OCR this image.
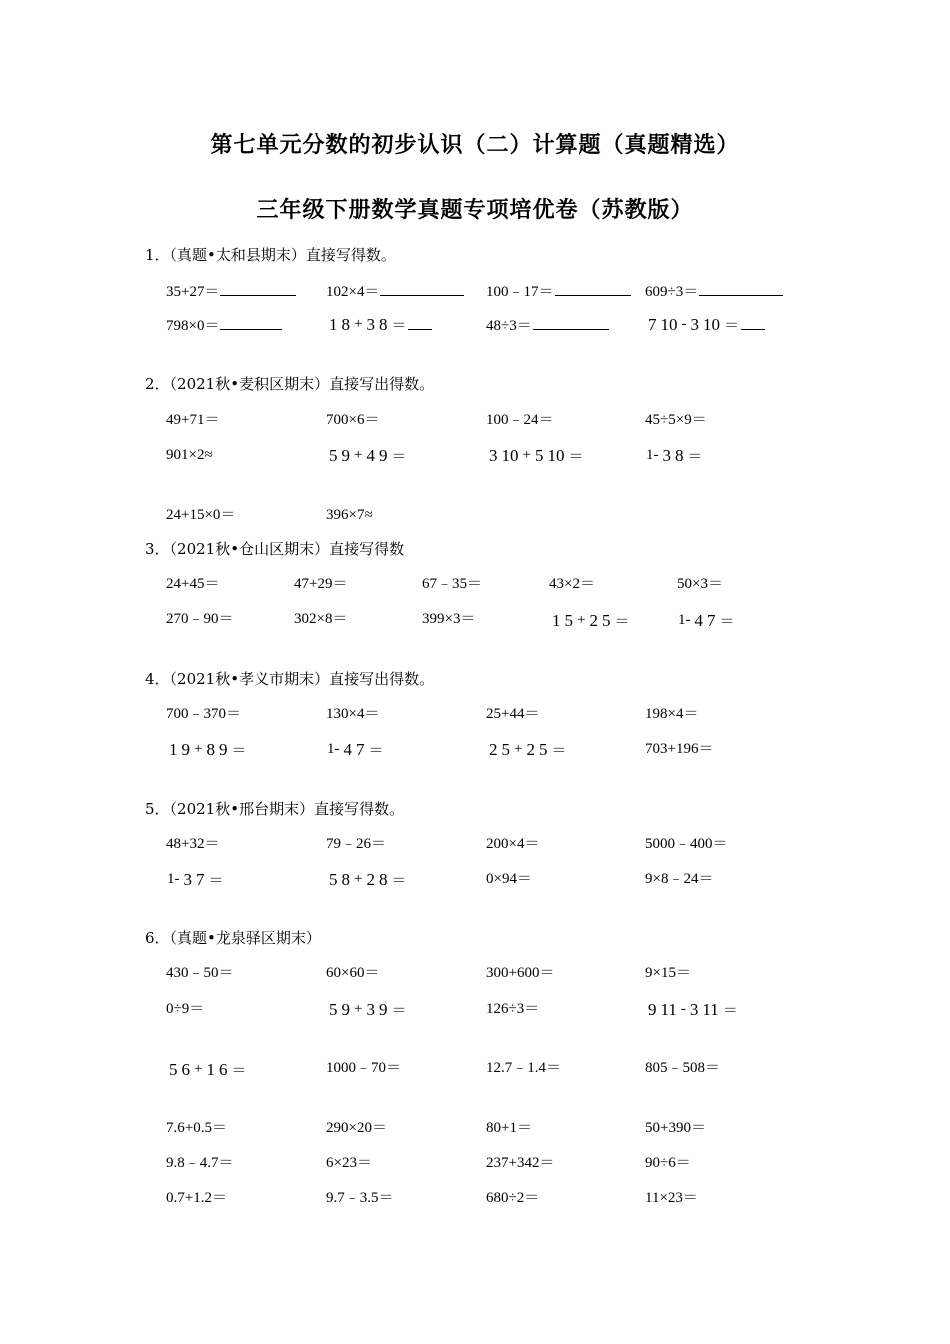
第七单元分数的初步认识（二）计算题（真题精选）
三年级下册数学真题专项培优卷（苏教版）
1．（真题•太和县期末）直接写得数。
35+27＝	102×4＝	100﹣17＝	609÷3＝
798×0＝	1 8 + 3 8 ＝	48÷3＝	7 10 - 3 10 ＝
2．（2021秋•麦积区期末）直接写出得数。
49+71＝	700×6＝	100﹣24＝	45÷5×9＝
901×2≈	5 9 + 4 9 ＝	3 10 + 5 10 ＝	1- 3 8 ＝
24+15×0＝	396×7≈
3．（2021秋•仓山区期末）直接写得数
24+45＝	47+29＝	67﹣35＝	43×2＝	50×3＝
270﹣90＝	302×8＝	399×3＝	1 5 + 2 5 ＝	1- 4 7 ＝
4．（2021秋•孝义市期末）直接写出得数。
700﹣370＝	130×4＝	25+44＝	198×4＝
1 9 + 8 9 ＝	1- 4 7 ＝	2 5 + 2 5 ＝	703+196＝
5．（2021秋•邢台期末）直接写得数。
48+32＝	79﹣26＝	200×4＝	5000﹣400＝
1- 3 7 ＝	5 8 + 2 8 ＝	0×94＝	9×8﹣24＝
6．（真题•龙泉驿区期末）
430﹣50＝	60×60＝	300+600＝	9×15＝
0÷9＝	5 9 + 3 9 ＝	126÷3＝	9 11 - 3 11 ＝
5 6 + 1 6 ＝	1000﹣70＝	12.7﹣1.4＝	805﹣508＝
7.6+0.5＝	290×20＝	80+1＝	50+390＝
9.8﹣4.7＝	6×23＝	237+342＝	90÷6＝
0.7+1.2＝	9.7﹣3.5＝	680÷2＝	11×23＝
